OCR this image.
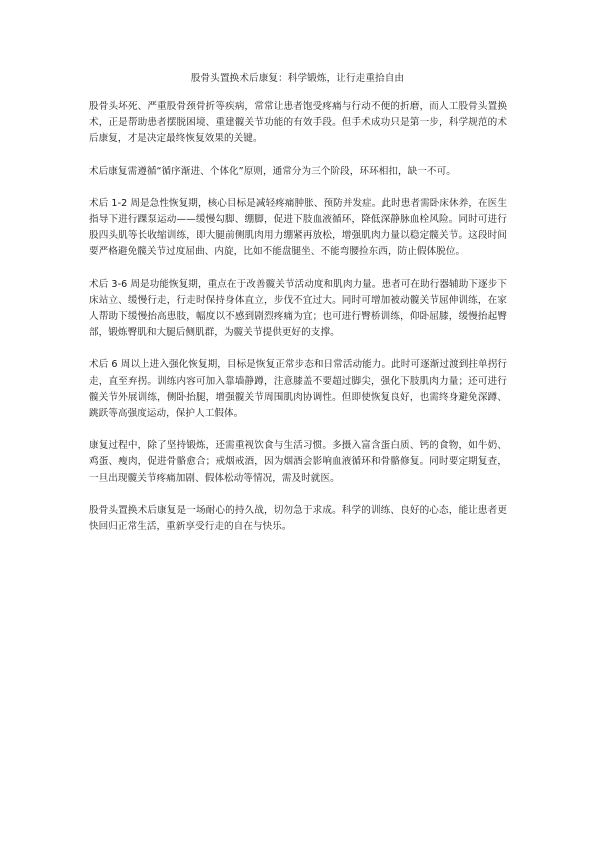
股骨头置换术后康复：科学锻炼，让行走重拾自由

股骨头坏死、严重股骨颈骨折等疾病，常常让患者饱受疼痛与行动不便的折磨，而人工股骨头置换术，正是帮助患者摆脱困境、重建髋关节功能的有效手段。但手术成功只是第一步，科学规范的术后康复，才是决定最终恢复效果的关键。

术后康复需遵循“循序渐进、个体化”原则，通常分为三个阶段，环环相扣，缺一不可。

术后 1-2 周是急性恢复期，核心目标是减轻疼痛肿胀、预防并发症。此时患者需卧床休养，在医生指导下进行踝泵运动——缓慢勾脚、绷脚，促进下肢血液循环，降低深静脉血栓风险。同时可进行股四头肌等长收缩训练，即大腿前侧肌肉用力绷紧再放松，增强肌肉力量以稳定髋关节。这段时间要严格避免髋关节过度屈曲、内旋，比如不能盘腿坐、不能弯腰捡东西，防止假体脱位。

术后 3-6 周是功能恢复期，重点在于改善髋关节活动度和肌肉力量。患者可在助行器辅助下逐步下床站立、缓慢行走，行走时保持身体直立，步伐不宜过大。同时可增加被动髋关节屈伸训练，在家人帮助下缓慢抬高患肢，幅度以不感到剧烈疼痛为宜；也可进行臀桥训练，仰卧屈膝，缓慢抬起臀部，锻炼臀肌和大腿后侧肌群，为髋关节提供更好的支撑。

术后 6 周以上进入强化恢复期，目标是恢复正常步态和日常活动能力。此时可逐渐过渡到拄单拐行走，直至弃拐。训练内容可加入靠墙静蹲，注意膝盖不要超过脚尖，强化下肢肌肉力量；还可进行髋关节外展训练，侧卧抬腿，增强髋关节周围肌肉协调性。但即使恢复良好，也需终身避免深蹲、跳跃等高强度运动，保护人工假体。

康复过程中，除了坚持锻炼，还需重视饮食与生活习惯。多摄入富含蛋白质、钙的食物，如牛奶、鸡蛋、瘦肉，促进骨骼愈合；戒烟戒酒，因为烟酒会影响血液循环和骨骼修复。同时要定期复查，一旦出现髋关节疼痛加剧、假体松动等情况，需及时就医。

股骨头置换术后康复是一场耐心的持久战，切勿急于求成。科学的训练、良好的心态，能让患者更快回归正常生活，重新享受行走的自在与快乐。
